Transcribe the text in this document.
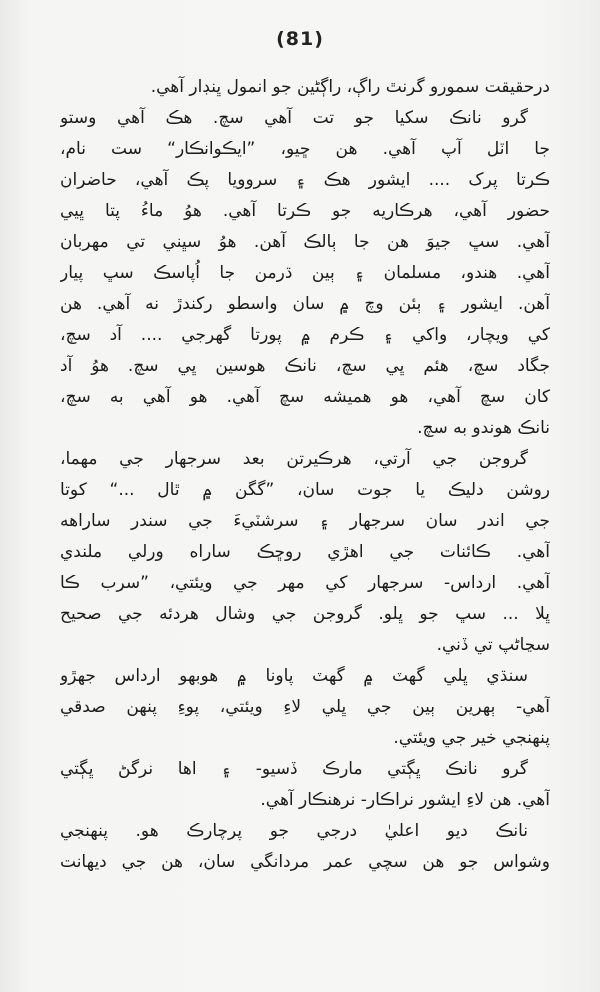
(81)
درحقيقت سمورو گرنٿ راڳ، راڳڻين جو انمول ڀنڊار آهي.
گرو نانڪ سکيا جو تت آهي سچ. هڪ آهي وستو
جا اٽل آپ آهي. هن ڇيو، ”ايڪوانڪار“ ست نام،
ڪرتا پرک .... ايشور هڪ ۽ سروويا پڪ آهي، حاضران
حضور آهي، هرڪاريه جو ڪرتا آهي. هوُ ماءُ پتا ڀيي
آهي. سڀ جيوَ هن جا ٻالڪ آهن. هوُ سڀني تي مهربان
آهي. هندو، مسلمان ۽ ٻين ڌرمن جا اُپاسڪ سڀ پيار
آهن. ايشور ۽ ٻئن وچ ۾ سان واسطو رکندڙ نه آهي. هن
کي ويچار، واکي ۽ ڪرم ۾ پورتا گهرجي .... آد سچ،
جگاد سچ، هئم ڀي سچ، نانڪ هوسين ڀي سچ. هوُ آد
کان سچ آهي، هو هميشه سچ آهي. هو آهي به سچ،
نانڪ هوندو به سچ.
گروجن جي آرتي، هرڪيرتن بعد سرجهار جي مهما،
روشن دليڪ يا جوت سان، ”گگن ۾ ٿال ...“ کوتا
جي اندر سان سرجهار ۽ سرشٽيءَ جي سندر ساراهه
آهي. ڪائنات جي اهڙي روڇڪ ساراه ورلي ملندي
آهي. ارداس- سرجهار کي مهر جي ويئتي، ”سرب ڪا
ڀلا ... سڀ جو ڀلو. گروجن جي وشال هردئه جي صحيح
سڃاڻپ تي ڏني.
سنڌي ڀلي گهٽ ۾ گهٽ پاونا ۾ هوبهو ارداس جهڙو
آهي- ٻهرين ٻين جي ڀلي لاءِ ويئتي، پوءِ پنهن صدقي
پنهنجي خير جي ويئتي.
گرو نانڪ ڀڳتي مارڪ ڏسيو- ۽ اها نرگڻ ڀڳتي
آهي. هن لاءِ ايشور نراڪار- نرهنڪار آهي.
نانڪ ديو اعليٰ درجي جو پرچارڪ هو. پنهنجي
وشواس جو هن سچي عمر مردانگي سان، هن جي ديهانت
